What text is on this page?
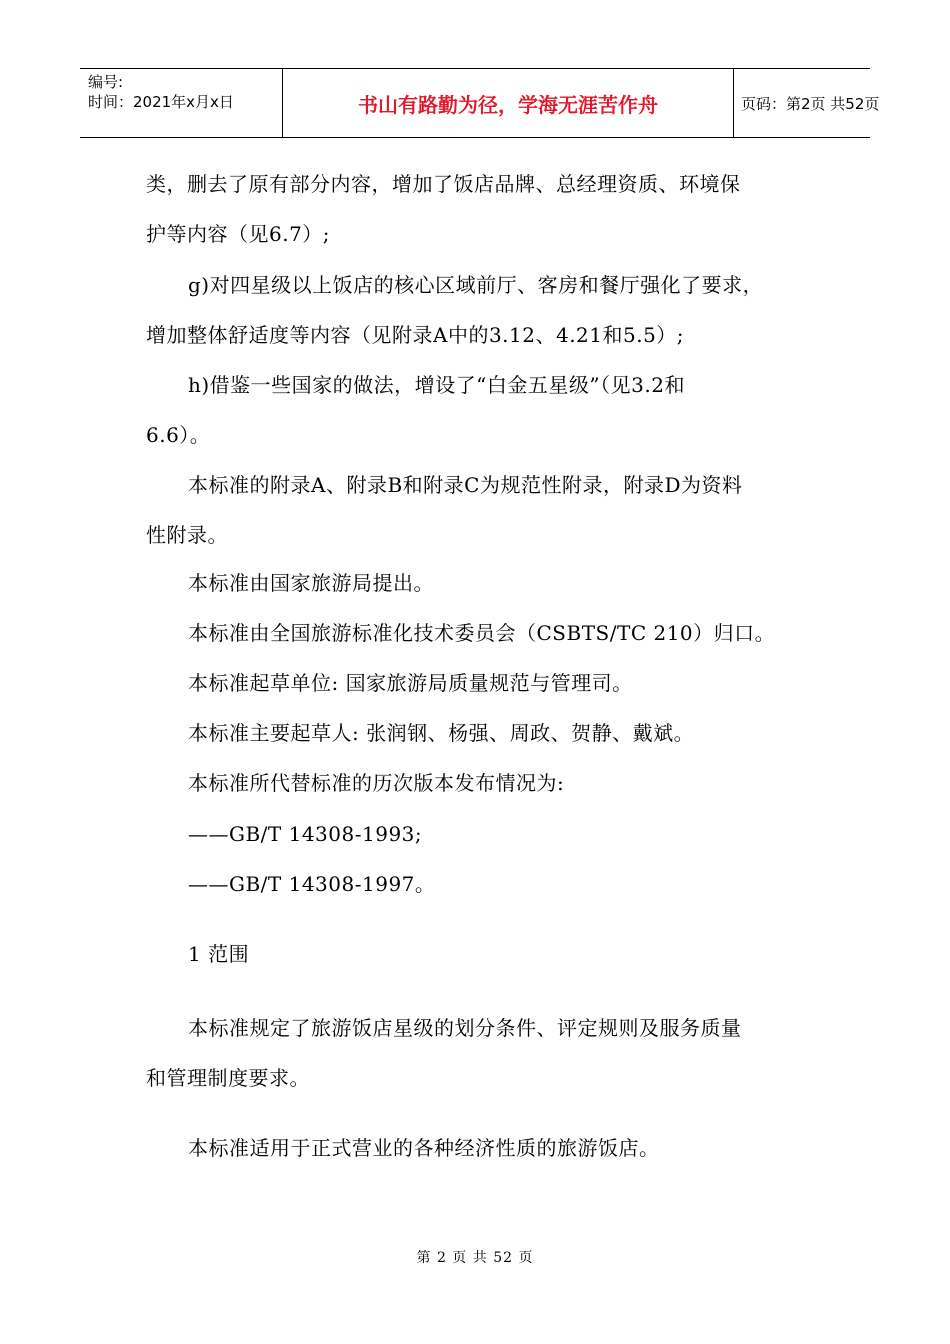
编号:
时间：2021年x月x日	书山有路勤为径，学海无涯苦作舟	页码：第2页 共52页
类，删去了原有部分内容，增加了饭店品牌、总经理资质、环境保
护等内容（见6.7）;
g)对四星级以上饭店的核心区域前厅、客房和餐厅强化了要求，
增加整体舒适度等内容（见附录A中的3.12、4.21和5.5）;
h)借鉴一些国家的做法，增设了“白金五星级”（见3.2和
6.6）。
本标准的附录A、附录B和附录C为规范性附录，附录D为资料
性附录。
本标准由国家旅游局提出。
本标准由全国旅游标准化技术委员会（CSBTS/TC 210）归口。
本标准起草单位: 国家旅游局质量规范与管理司。
本标准主要起草人: 张润钢、杨强、周政、贺静、戴斌。
本标准所代替标准的历次版本发布情况为:
——GB/T 14308-1993;
——GB/T 14308-1997。
1 范围
本标准规定了旅游饭店星级的划分条件、评定规则及服务质量
和管理制度要求。
本标准适用于正式营业的各种经济性质的旅游饭店。
第 2 页 共 52 页
